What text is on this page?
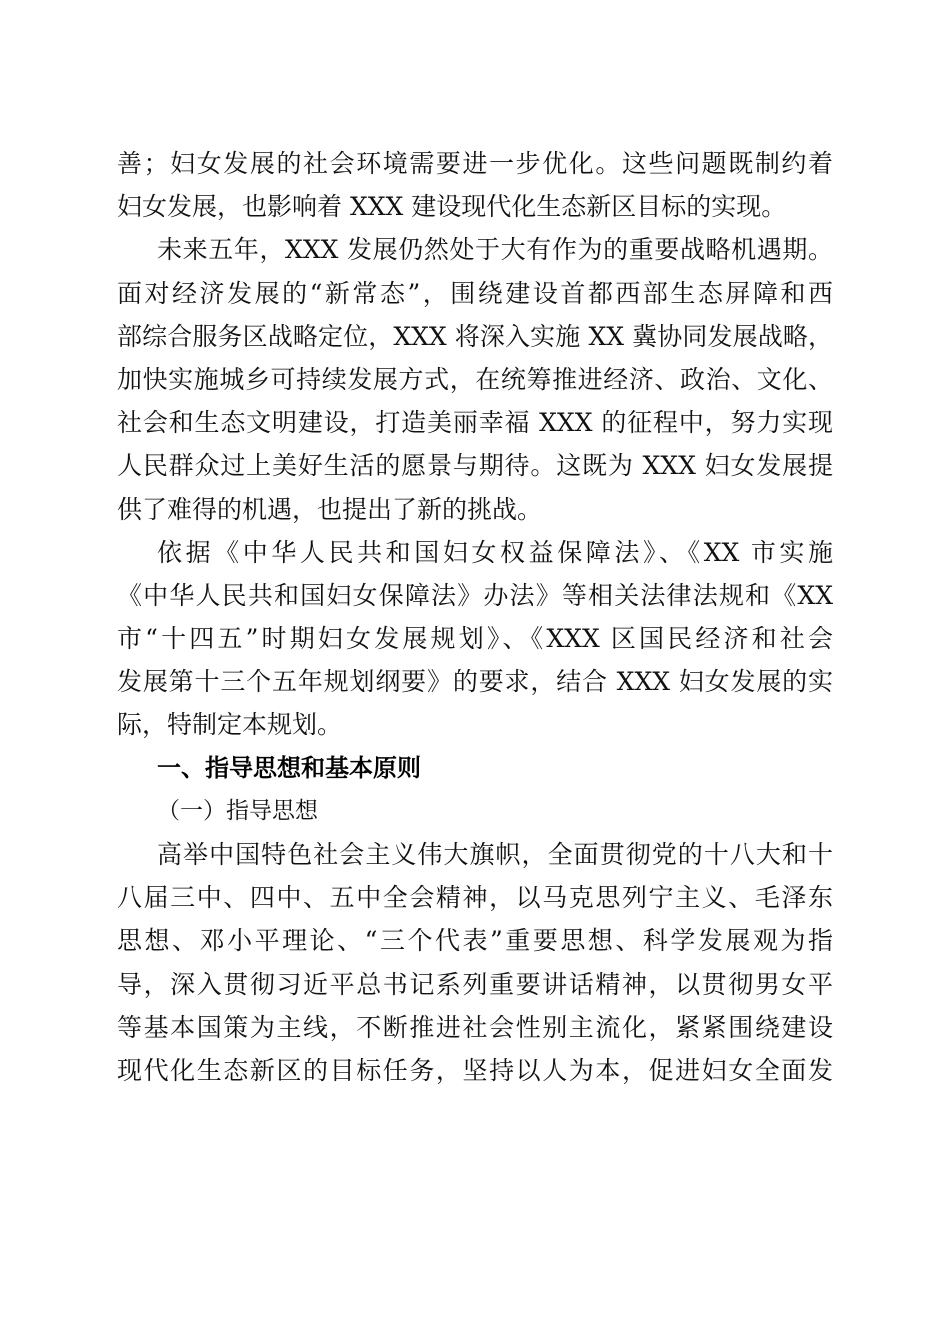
善；妇女发展的社会环境需要进一步优化。这些问题既制约着
妇女发展，也影响着 XXX 建设现代化生态新区目标的实现。
未来五年，XXX 发展仍然处于大有作为的重要战略机遇期。
面对经济发展的“新常态”，围绕建设首都西部生态屏障和西
部综合服务区战略定位，XXX 将深入实施 XX 冀协同发展战略，
加快实施城乡可持续发展方式，在统筹推进经济、政治、文化、
社会和生态文明建设，打造美丽幸福 XXX 的征程中，努力实现
人民群众过上美好生活的愿景与期待。这既为 XXX 妇女发展提
供了难得的机遇，也提出了新的挑战。
依据《中华人民共和国妇女权益保障法》、《XX 市实施
《中华人民共和国妇女保障法》办法》等相关法律法规和《XX
市“十四五”时期妇女发展规划》、《XXX 区国民经济和社会
发展第十三个五年规划纲要》的要求，结合 XXX 妇女发展的实
际，特制定本规划。
一、指导思想和基本原则
（一）指导思想
高举中国特色社会主义伟大旗帜，全面贯彻党的十八大和十
八届三中、四中、五中全会精神，以马克思列宁主义、毛泽东
思想、邓小平理论、“三个代表”重要思想、科学发展观为指
导，深入贯彻习近平总书记系列重要讲话精神，以贯彻男女平
等基本国策为主线，不断推进社会性别主流化，紧紧围绕建设
现代化生态新区的目标任务，坚持以人为本，促进妇女全面发
